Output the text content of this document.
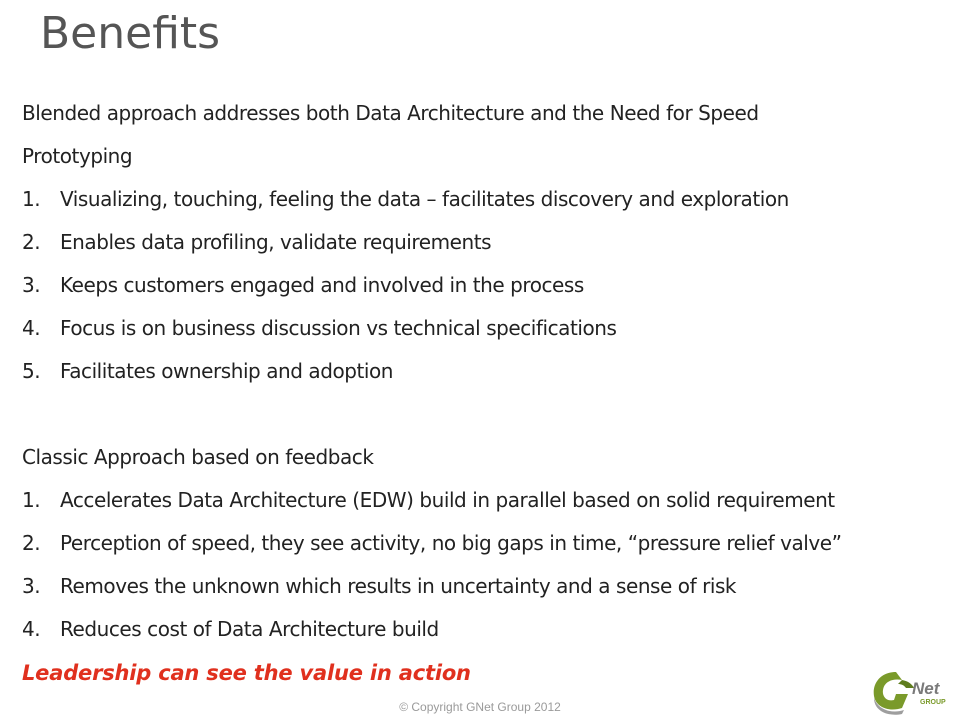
Benefits
Blended approach addresses both Data Architecture and the Need for Speed
Prototyping
1. Visualizing, touching, feeling the data – facilitates discovery and exploration
2. Enables data profiling, validate requirements
3. Keeps customers engaged and involved in the process
4. Focus is on business discussion vs technical specifications
5. Facilitates ownership and adoption
Classic Approach based on feedback
1. Accelerates Data Architecture (EDW) build in parallel based on solid requirement
2. Perception of speed, they see activity, no big gaps in time, “pressure relief valve”
3. Removes the unknown which results in uncertainty and a sense of risk
4. Reduces cost of Data Architecture build
Leadership can see the value in action
© Copyright GNet Group 2012
Net
GROUP
